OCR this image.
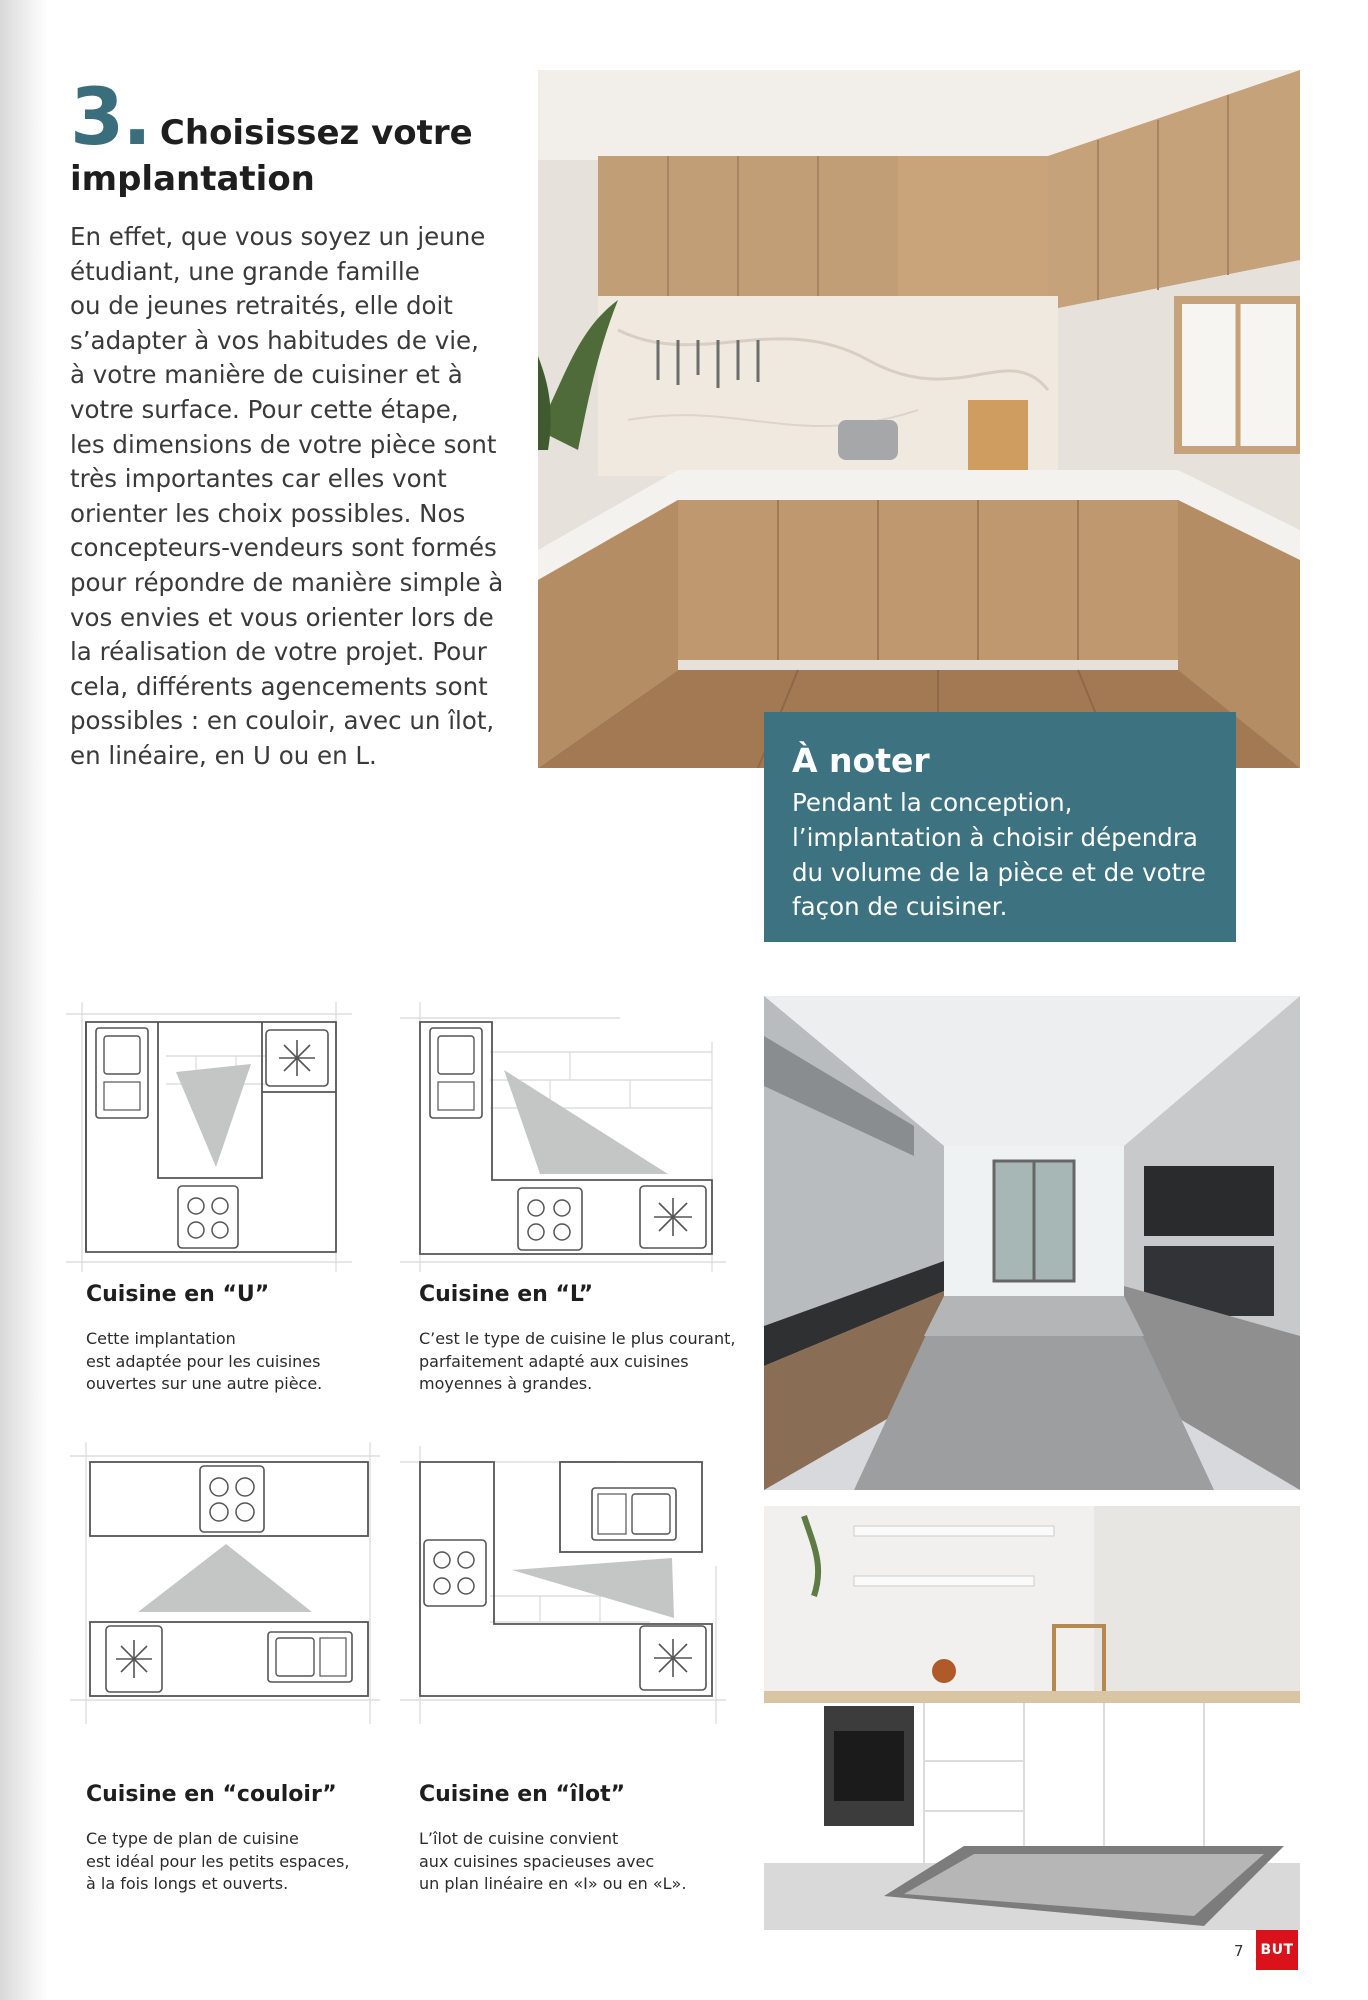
3. Choisissez votre
implantation
En effet, que vous soyez un jeune
étudiant, une grande famille
ou de jeunes retraités, elle doit
s’adapter à vos habitudes de vie,
à votre manière de cuisiner et à
votre surface. Pour cette étape,
les dimensions de votre pièce sont
très importantes car elles vont
orienter les choix possibles. Nos
concepteurs-vendeurs sont formés
pour répondre de manière simple à
vos envies et vous orienter lors de
la réalisation de votre projet. Pour
cela, différents agencements sont
possibles : en couloir, avec un îlot,
en linéaire, en U ou en L.	À noter
Pendant la conception,
l’implantation à choisir dépendra
du volume de la pièce et de votre
façon de cuisiner.
Cuisine en “U”
Cette implantation
est adaptée pour les cuisines
ouvertes sur une autre pièce.
Cuisine en “L”
C’est le type de cuisine le plus courant,
parfaitement adapté aux cuisines
moyennes à grandes.
Cuisine en “couloir”
Ce type de plan de cuisine
est idéal pour les petits espaces,
à la fois longs et ouverts.
Cuisine en “îlot”
L’îlot de cuisine convient
aux cuisines spacieuses avec
un plan linéaire en «I» ou en «L».
7	BUT
